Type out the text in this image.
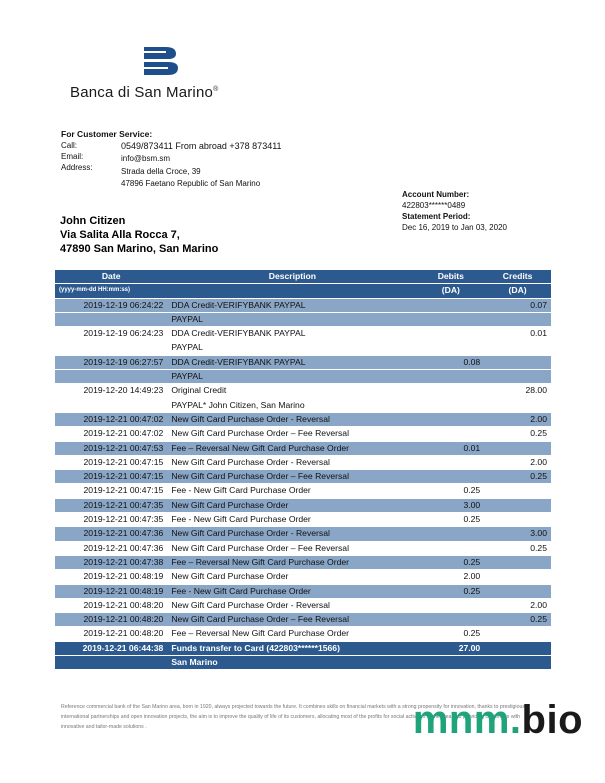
Banca di San Marino®
For Customer Service:
Call:	0549/873411 From abroad +378 873411
Email:	info@bsm.sm
Address:	Strada della Croce, 39
47896 Faetano Republic of San Marino
Account Number:
422803******0489
Statement Period:
Dec 16, 2019 to Jan 03, 2020
John Citizen
Via Salita Alla Rocca 7,
47890 San Marino, San Marino
Date	Description	Debits	Credits
(yyyy-mm-dd HH:mm:ss)		(DA)	(DA)
2019-12-19 06:24:22	DDA Credit-VERIFYBANK PAYPAL		0.07
	PAYPAL		
2019-12-19 06:24:23	DDA Credit-VERIFYBANK PAYPAL		0.01
	PAYPAL		
2019-12-19 06:27:57	DDA Credit-VERIFYBANK PAYPAL	0.08	
	PAYPAL		
2019-12-20 14:49:23	Original Credit		28.00
	PAYPAL* John Citizen, San Marino		
2019-12-21 00:47:02	New Gift Card Purchase Order - Reversal		2.00
2019-12-21 00:47:02	New Gift Card Purchase Order – Fee Reversal		0.25
2019-12-21 00:47:53	Fee – Reversal New Gift Card Purchase Order	0.01	
2019-12-21 00:47:15	New Gift Card Purchase Order - Reversal		2.00
2019-12-21 00:47:15	New Gift Card Purchase Order – Fee Reversal		0.25
2019-12-21 00:47:15	Fee - New Gift Card Purchase Order	0.25	
2019-12-21 00:47:35	New Gift Card Purchase Order	3.00	
2019-12-21 00:47:35	Fee - New Gift Card Purchase Order	0.25	
2019-12-21 00:47:36	New Gift Card Purchase Order - Reversal		3.00
2019-12-21 00:47:36	New Gift Card Purchase Order – Fee Reversal		0.25
2019-12-21 00:47:38	Fee – Reversal New Gift Card Purchase Order	0.25	
2019-12-21 00:48:19	New Gift Card Purchase Order	2.00	
2019-12-21 00:48:19	Fee - New Gift Card Purchase Order	0.25	
2019-12-21 00:48:20	New Gift Card Purchase Order - Reversal		2.00
2019-12-21 00:48:20	New Gift Card Purchase Order – Fee Reversal		0.25
2019-12-21 00:48:20	Fee – Reversal New Gift Card Purchase Order	0.25	
2019-12-21 06:44:38	Funds transfer to Card (422803******1566)	27.00	
	San Marino		
Reference commercial bank of the San Marino area, born in 1920, always projected towards the future. It combines skills on financial markets with a strong propensity for innovation, thanks to prestigious international partnerships and open innovation projects, the aim is to improve the quality of life of its customers, allocating most of the profits for social activities in the area and providing customers with innovative and tailor-made solutions .	mnm.bio
